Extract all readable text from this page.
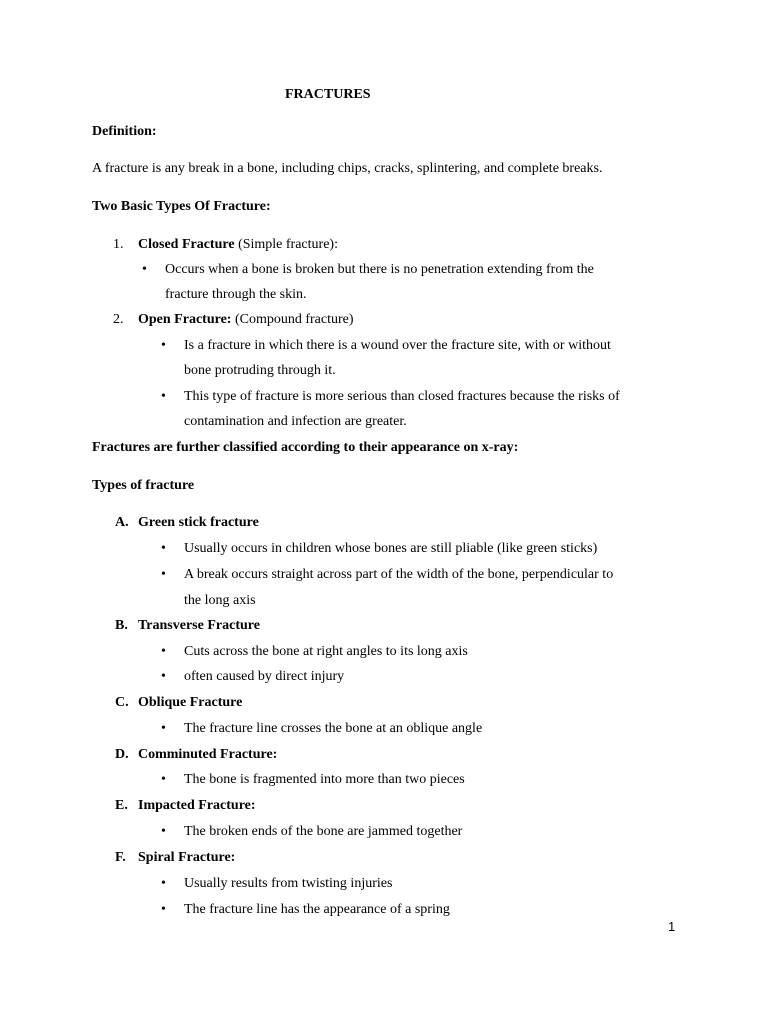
FRACTURES
Definition:
A fracture is any break in a bone, including chips, cracks, splintering, and complete breaks.
Two Basic Types Of Fracture:
1. Closed Fracture (Simple fracture):
• Occurs when a bone is broken but there is no penetration extending from the
fracture through the skin.
2. Open Fracture: (Compound fracture)
• Is a fracture in which there is a wound over the fracture site, with or without
bone protruding through it.
• This type of fracture is more serious than closed fractures because the risks of
contamination and infection are greater.
Fractures are further classified according to their appearance on x-ray:
Types of fracture
A. Green stick fracture
• Usually occurs in children whose bones are still pliable (like green sticks)
• A break occurs straight across part of the width of the bone, perpendicular to
the long axis
B. Transverse Fracture
• Cuts across the bone at right angles to its long axis
• often caused by direct injury
C. Oblique Fracture
• The fracture line crosses the bone at an oblique angle
D. Comminuted Fracture:
• The bone is fragmented into more than two pieces
E. Impacted Fracture:
• The broken ends of the bone are jammed together
F. Spiral Fracture:
• Usually results from twisting injuries
• The fracture line has the appearance of a spring
1
